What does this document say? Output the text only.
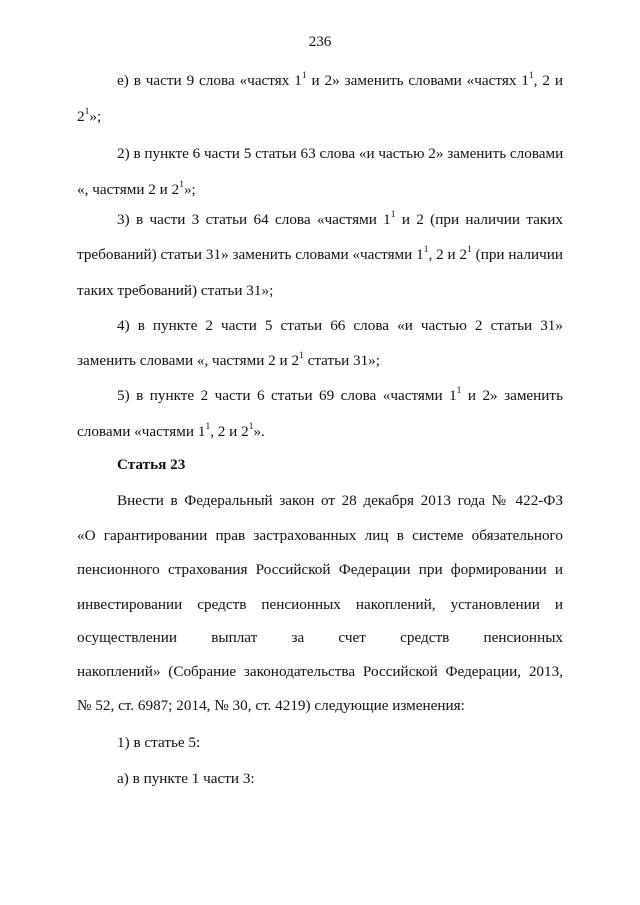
236
е) в части 9 слова «частях $1^1$ и 2» заменить словами «частях $1^1$, 2 и
$2^1$»;
2) в пункте 6 части 5 статьи 63 слова «и частью 2» заменить словами
«, частями 2 и $2^1$»;
3) в части 3 статьи 64 слова «частями $1^1$ и 2 (при наличии таких
требований) статьи 31» заменить словами «частями $1^1$, 2 и $2^1$ (при наличии
таких требований) статьи 31»;
4) в пункте 2 части 5 статьи 66 слова «и частью 2 статьи 31»
заменить словами «, частями 2 и $2^1$ статьи 31»;
5) в пункте 2 части 6 статьи 69 слова «частями $1^1$ и 2» заменить
словами «частями $1^1$, 2 и $2^1$».
Статья 23
Внести в Федеральный закон от 28 декабря 2013 года № 422-ФЗ
«О гарантировании прав застрахованных лиц в системе обязательного
пенсионного страхования Российской Федерации при формировании и
инвестировании средств пенсионных накоплений, установлении и
осуществлении выплат за счет средств пенсионных
накоплений» (Собрание законодательства Российской Федерации, 2013,
№ 52, ст. 6987; 2014, № 30, ст. 4219) следующие изменения:
1) в статье 5:
а) в пункте 1 части 3:
